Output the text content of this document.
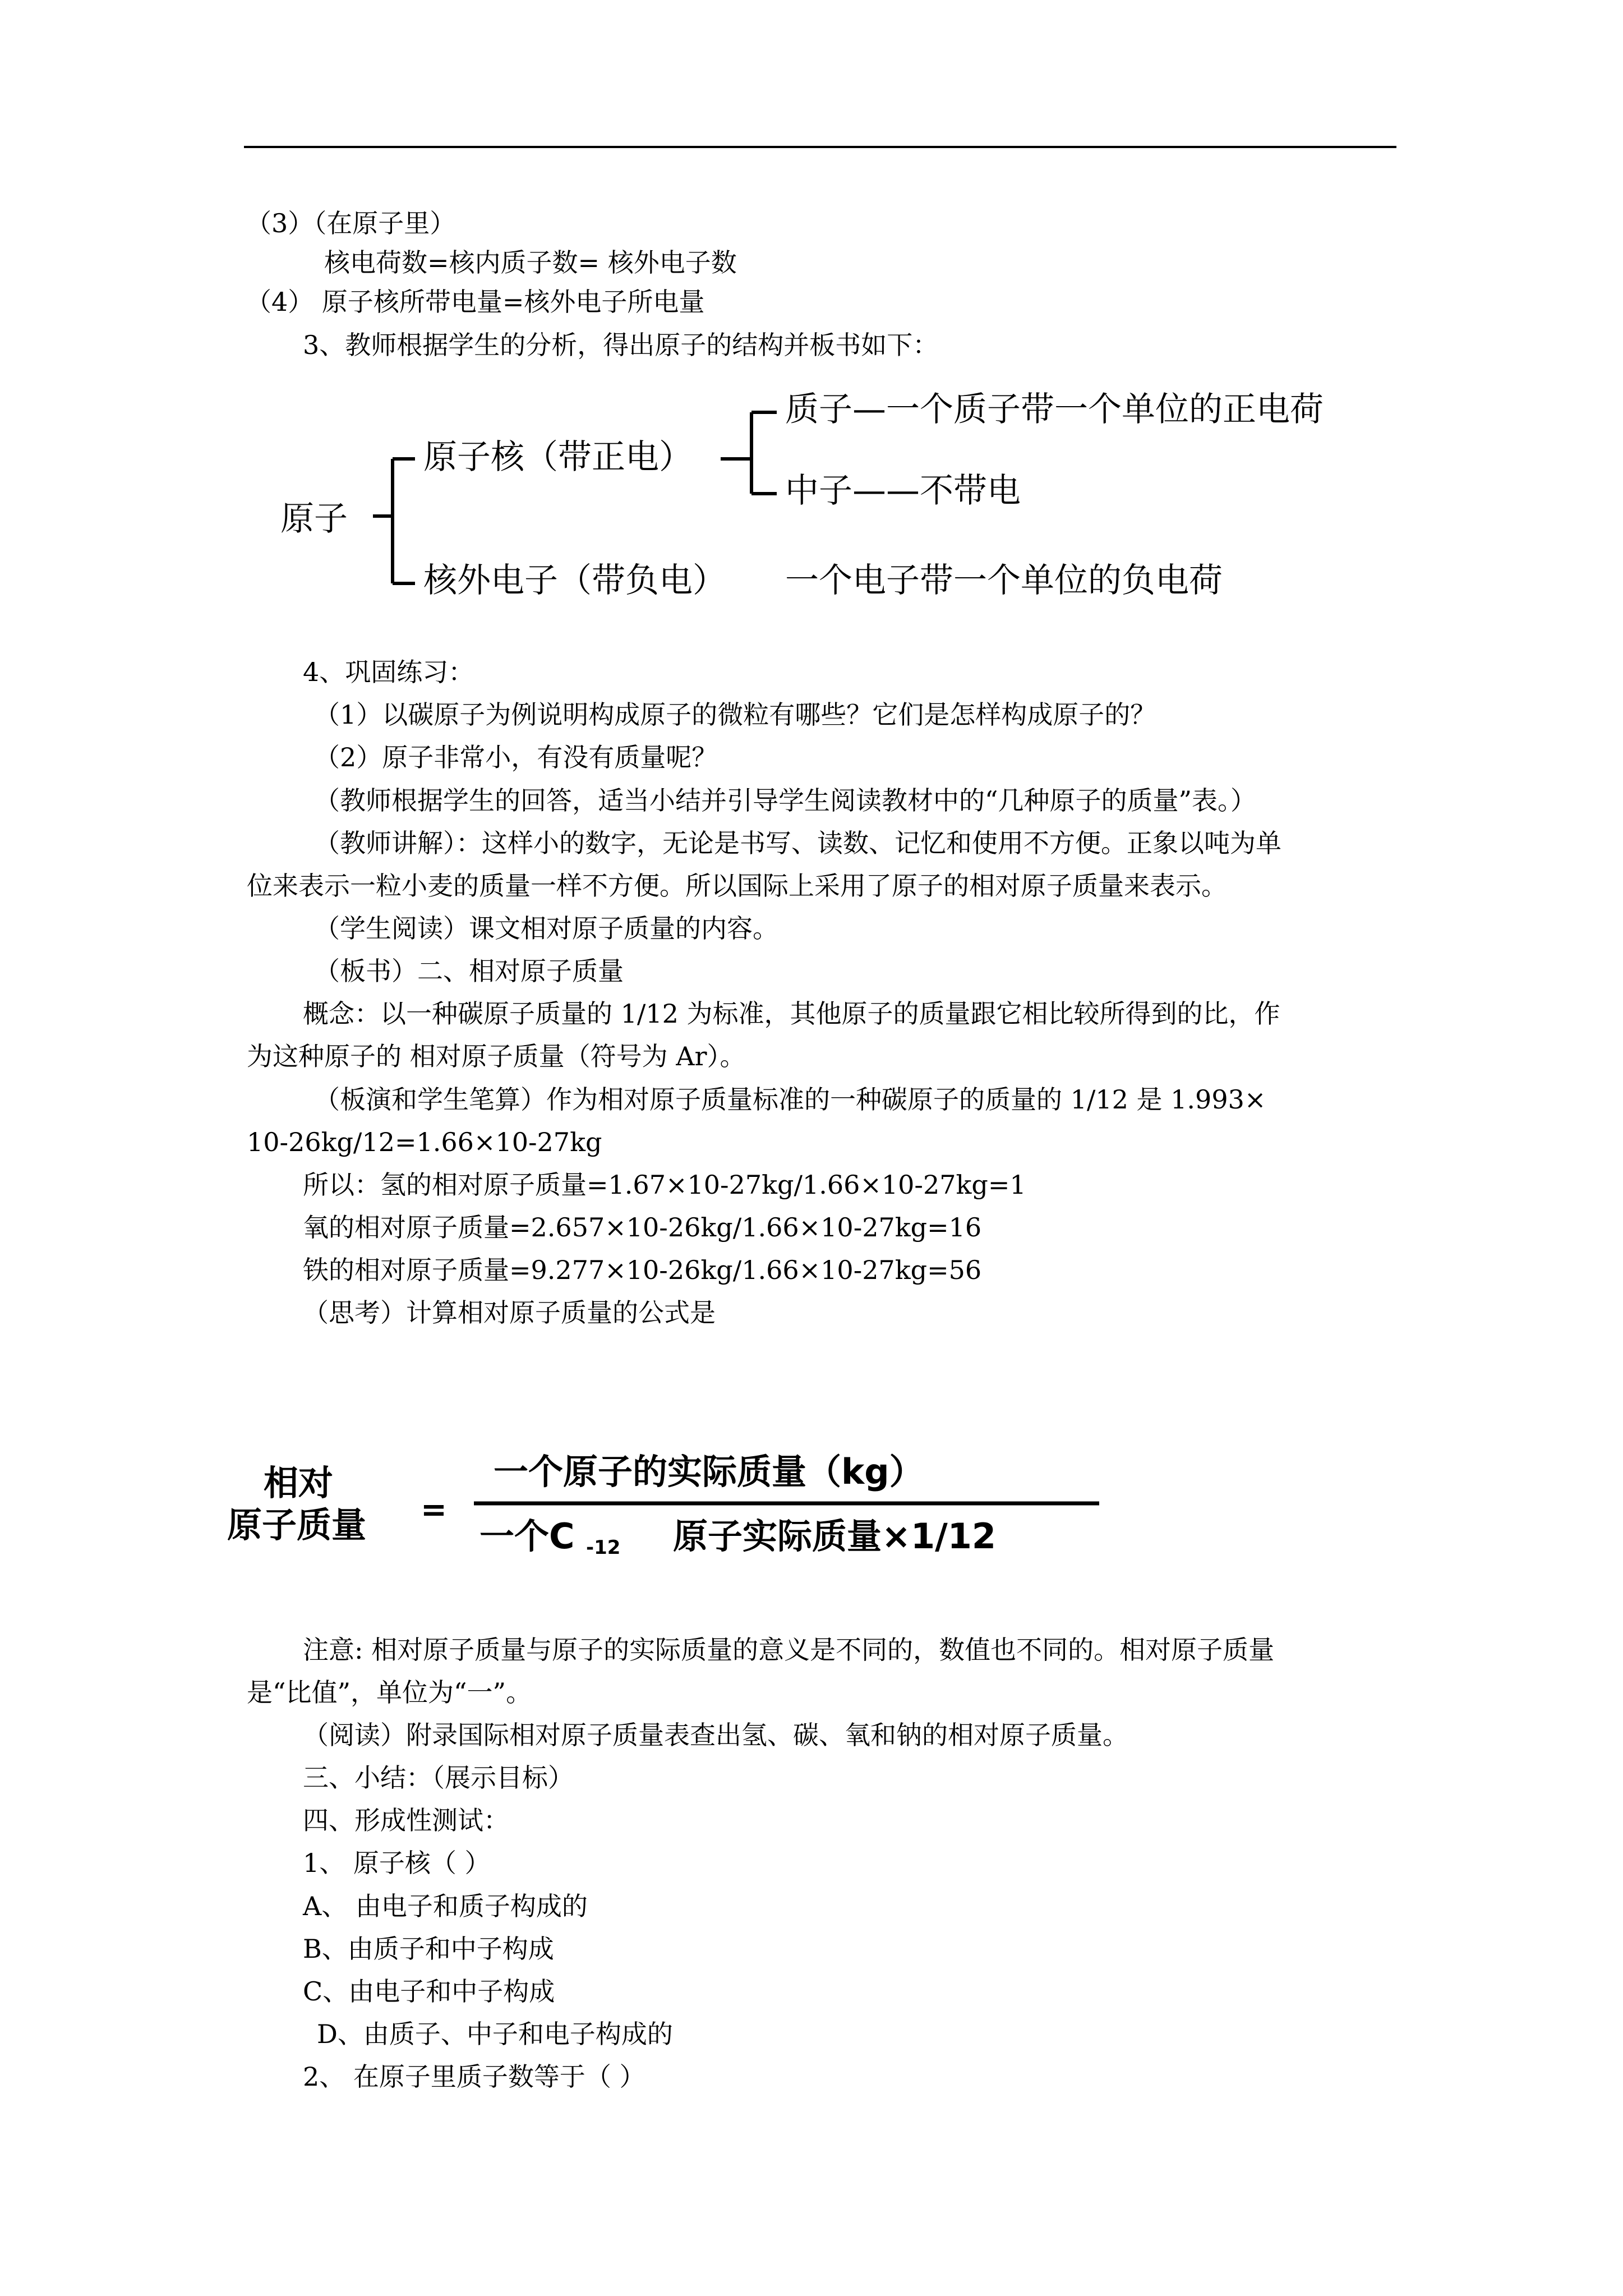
（3）（在原子里）
核电荷数=核内质子数= 核外电子数
（4） 原子核所带电量=核外电子所电量
3、教师根据学生的分析，得出原子的结构并板书如下：
原子
原子核（带正电）
质子—一个质子带一个单位的正电荷
中子——不带电
核外电子（带负电） 一个电子带一个单位的负电荷
4、巩固练习：
（1）以碳原子为例说明构成原子的微粒有哪些？它们是怎样构成原子的？
（2）原子非常小，有没有质量呢？
（教师根据学生的回答，适当小结并引导学生阅读教材中的“几种原子的质量”表。）
（教师讲解）：这样小的数字，无论是书写、读数、记忆和使用不方便。正象以吨为单
位来表示一粒小麦的质量一样不方便。所以国际上采用了原子的相对原子质量来表示。
（学生阅读）课文相对原子质量的内容。
（板书）二、相对原子质量
概念：以一种碳原子质量的 1/12 为标准，其他原子的质量跟它相比较所得到的比，作
为这种原子的 相对原子质量（符号为 Ar）。
（板演和学生笔算）作为相对原子质量标准的一种碳原子的质量的 1/12 是 1.993×
10-26kg/12=1.66×10-27kg
所以：氢的相对原子质量=1.67×10-27kg/1.66×10-27kg=1
氧的相对原子质量=2.657×10-26kg/1.66×10-27kg=16
铁的相对原子质量=9.277×10-26kg/1.66×10-27kg=56
（思考）计算相对原子质量的公式是
相对
原子质量 =
一个原子的实际质量（kg）
一个C -12 原子实际质量×1/12
注意: 相对原子质量与原子的实际质量的意义是不同的，数值也不同的。相对原子质量
是“比值”，单位为“一”。
（阅读）附录国际相对原子质量表查出氢、碳、氧和钠的相对原子质量。
三、小结：（展示目标）
四、形成性测试：
1、 原子核（ ）
A、 由电子和质子构成的
B、由质子和中子构成
C、由电子和中子构成
D、由质子、中子和电子构成的
2、 在原子里质子数等于（ ）
